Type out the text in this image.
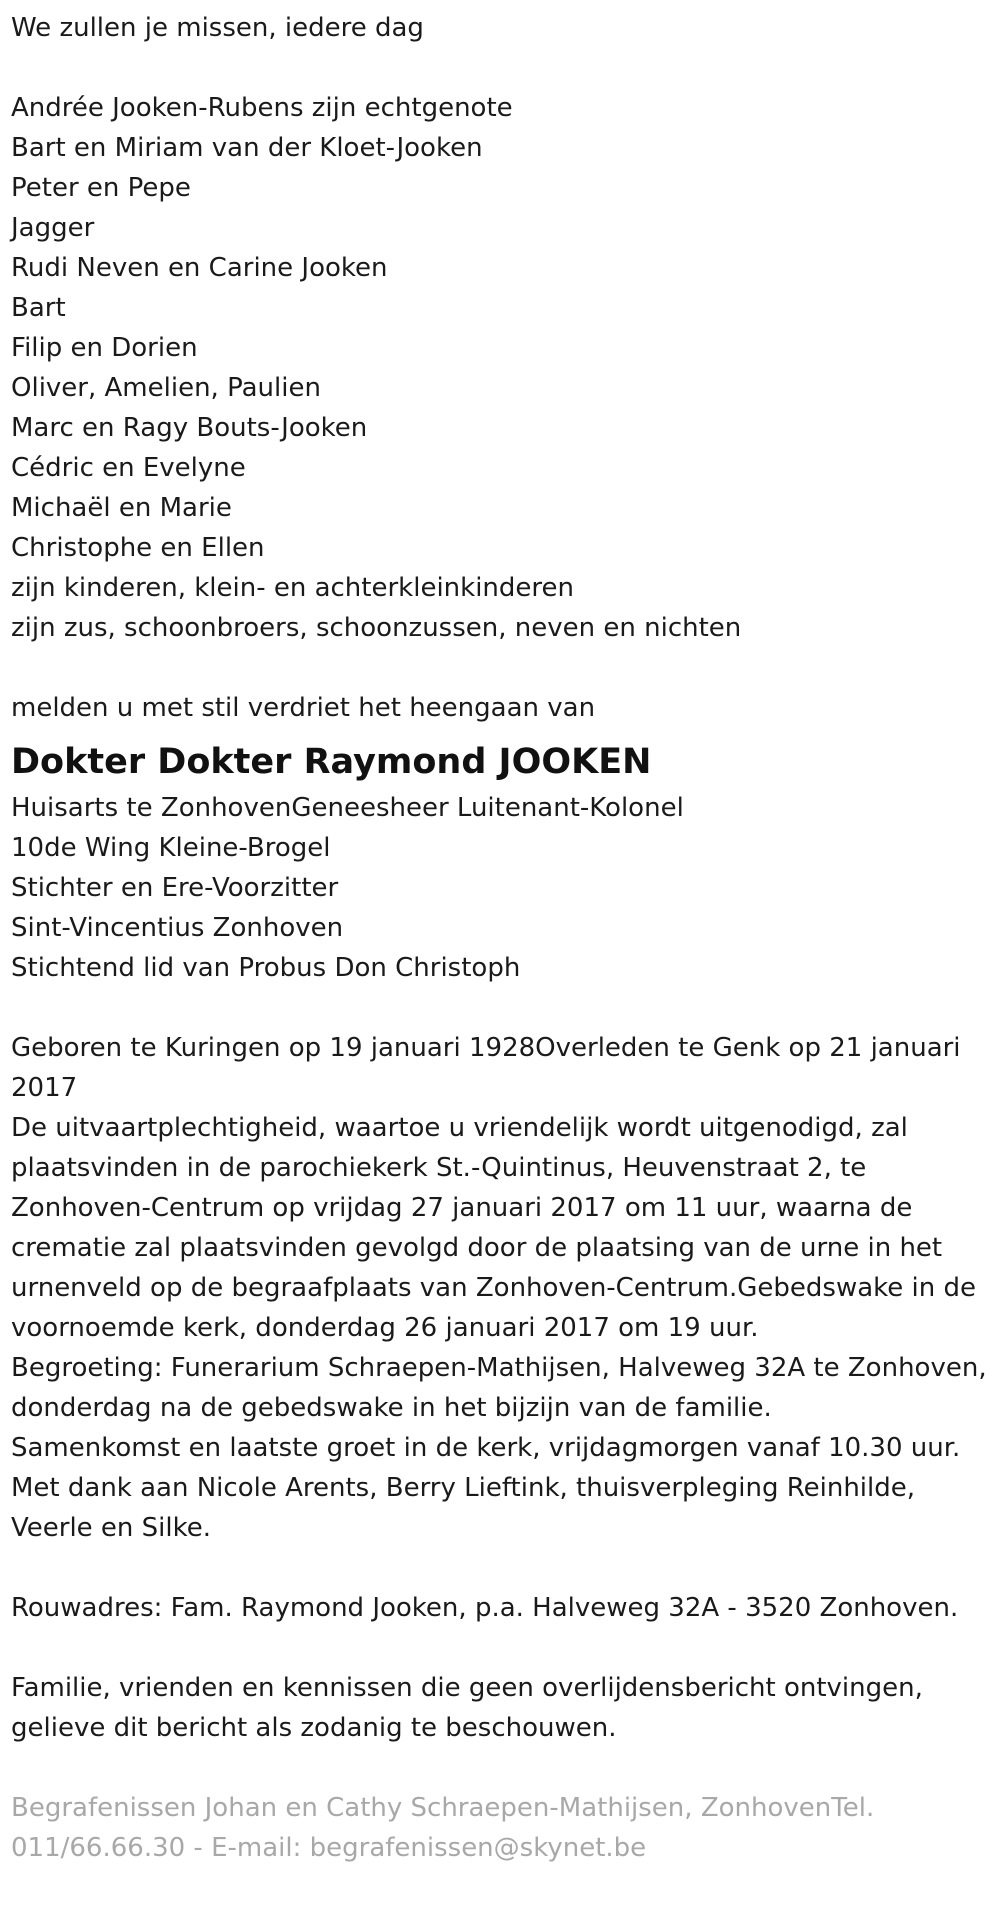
We zullen je missen, iedere dag

Andrée Jooken-Rubens zijn echtgenote

Bart en Miriam van der Kloet-Jooken

Peter en Pepe

Jagger

Rudi Neven en Carine Jooken

Bart

Filip en Dorien

Oliver, Amelien, Paulien

Marc en Ragy Bouts-Jooken

Cédric en Evelyne

Michaël en Marie

Christophe en Ellen

zijn kinderen, klein- en achterkleinkinderen

zijn zus, schoonbroers, schoonzussen, neven en nichten

melden u met stil verdriet het heengaan van

Dokter Dokter Raymond JOOKEN

Huisarts te ZonhovenGeneesheer Luitenant-Kolonel

10de Wing Kleine-Brogel

Stichter en Ere-Voorzitter

Sint-Vincentius Zonhoven

Stichtend lid van Probus Don Christoph

Geboren te Kuringen op 19 januari 1928Overleden te Genk op 21 januari 2017

De uitvaartplechtigheid, waartoe u vriendelijk wordt uitgenodigd, zal plaatsvinden in de parochiekerk St.-Quintinus, Heuvenstraat 2, te Zonhoven-Centrum op vrijdag 27 januari 2017 om 11 uur, waarna de crematie zal plaatsvinden gevolgd door de plaatsing van de urne in het urnenveld op de begraafplaats van Zonhoven-Centrum.Gebedswake in de voornoemde kerk, donderdag 26 januari 2017 om 19 uur.

Begroeting: Funerarium Schraepen-Mathijsen, Halveweg 32A te Zonhoven, donderdag na de gebedswake in het bijzijn van de familie.

Samenkomst en laatste groet in de kerk, vrijdagmorgen vanaf 10.30 uur.

Met dank aan Nicole Arents, Berry Lieftink, thuisverpleging Reinhilde, Veerle en Silke.

Rouwadres: Fam. Raymond Jooken, p.a. Halveweg 32A - 3520 Zonhoven.

Familie, vrienden en kennissen die geen overlijdensbericht ontvingen, gelieve dit bericht als zodanig te beschouwen.

Begrafenissen Johan en Cathy Schraepen-Mathijsen, ZonhovenTel. 011/66.66.30 - E-mail: begrafenissen@skynet.be
